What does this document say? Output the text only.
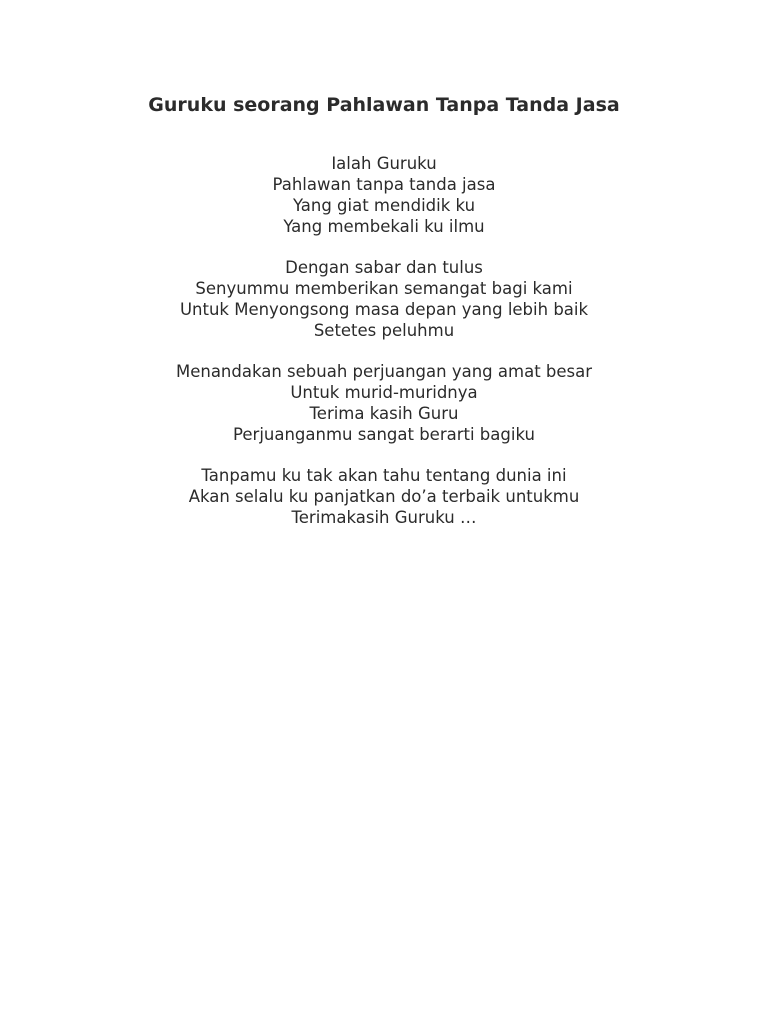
Guruku seorang Pahlawan Tanpa Tanda Jasa
Ialah Guruku
Pahlawan tanpa tanda jasa
Yang giat mendidik ku
Yang membekali ku ilmu
Dengan sabar dan tulus
Senyummu memberikan semangat bagi kami
Untuk Menyongsong masa depan yang lebih baik
Setetes peluhmu
Menandakan sebuah perjuangan yang amat besar
Untuk murid-muridnya
Terima kasih Guru
Perjuanganmu sangat berarti bagiku
Tanpamu ku tak akan tahu tentang dunia ini
Akan selalu ku panjatkan do’a terbaik untukmu
Terimakasih Guruku …
